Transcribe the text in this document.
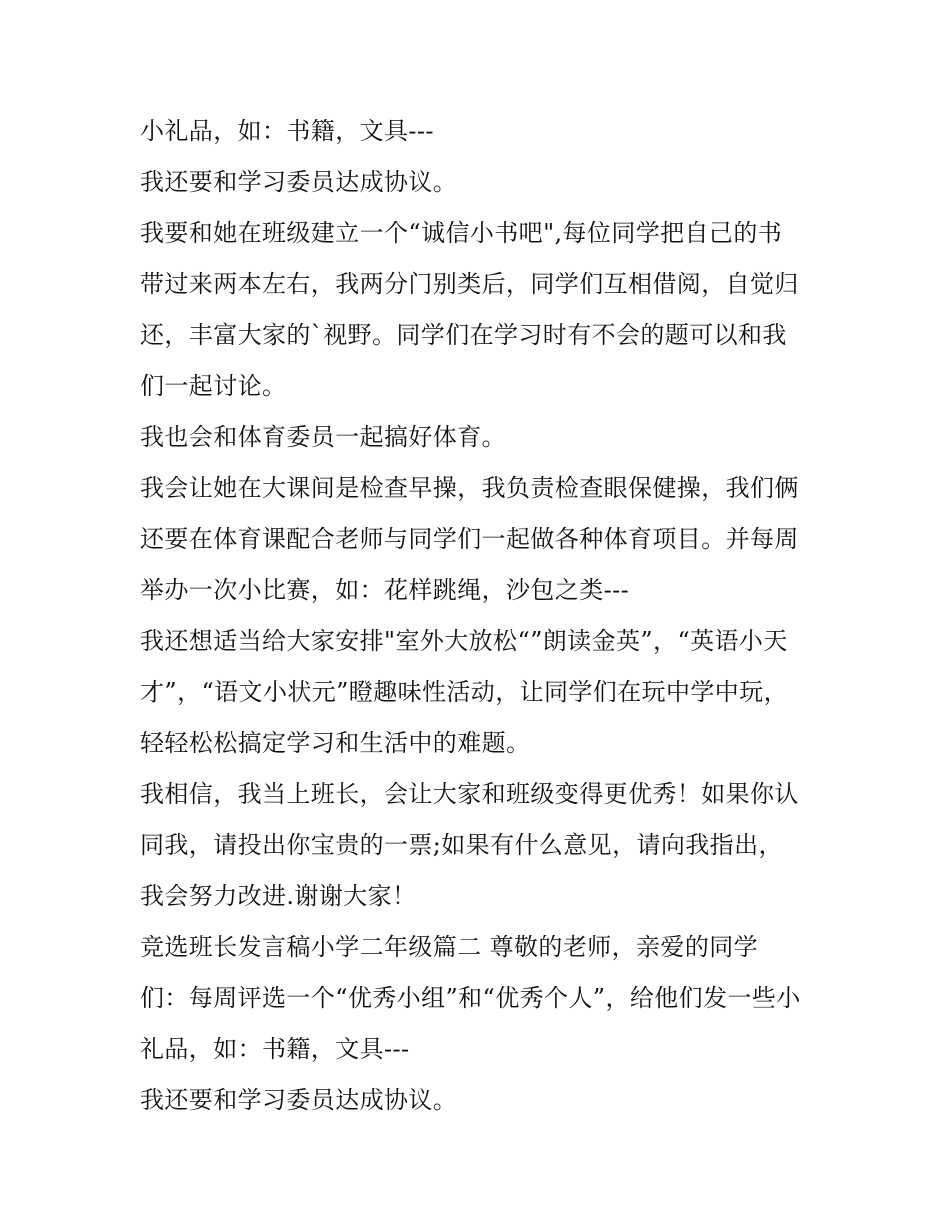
小礼品，如：书籍，文具---
我还要和学习委员达成协议。
我要和她在班级建立一个“诚信小书吧",每位同学把自己的书
带过来两本左右，我两分门别类后，同学们互相借阅，自觉归
还，丰富大家的`视野。同学们在学习时有不会的题可以和我
们一起讨论。
我也会和体育委员一起搞好体育。
我会让她在大课间是检查早操，我负责检查眼保健操，我们俩
还要在体育课配合老师与同学们一起做各种体育项目。并每周
举办一次小比赛，如：花样跳绳，沙包之类---
我还想适当给大家安排"室外大放松“”朗读金英”，“英语小天
才”，“语文小状元”瞪趣味性活动，让同学们在玩中学中玩，
轻轻松松搞定学习和生活中的难题。
我相信，我当上班长，会让大家和班级变得更优秀！如果你认
同我，请投出你宝贵的一票;如果有什么意见，请向我指出，
我会努力改进.谢谢大家！
竞选班长发言稿小学二年级篇二 尊敬的老师，亲爱的同学
们：每周评选一个“优秀小组”和“优秀个人”，给他们发一些小
礼品，如：书籍，文具---
我还要和学习委员达成协议。
